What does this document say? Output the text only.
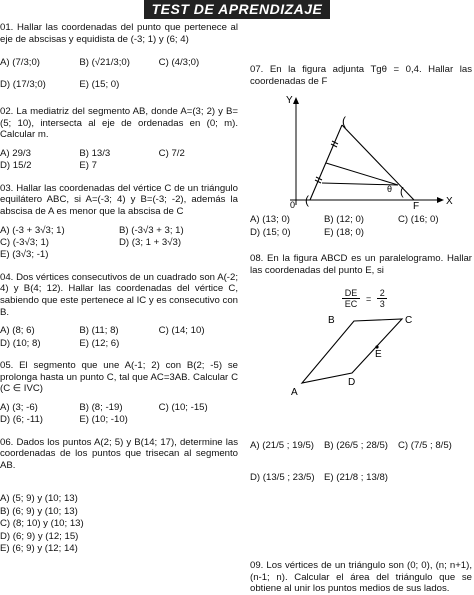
TEST DE APRENDIZAJE

01. Hallar las coordenadas del punto que pertenece al eje de abscisas y equidista de (-3; 1) y (6; 4)

A) (7/3;0)	B) (√21/3;0)	C) (4/3;0)
D) (17/3;0)	E) (15; 0)

02. La mediatriz del segmento AB, donde A=(3; 2) y B=(5; 10), intersecta al eje de ordenadas en (0; m). Calcular m.

A) 29/3	B) 13/3	C) 7/2
D) 15/2	E) 7

03. Hallar las coordenadas del vértice C de un triángulo equilátero ABC, si A=(-3; 4) y B=(-3; -2), además la abscisa de A es menor que la abscisa de C

A) (-3 + 3√3; 1)	B) (-3√3 + 3; 1)
C) (-3√3; 1)	D) (3; 1 + 3√3)
E) (3√3; -1)

04. Dos vértices consecutivos de un cuadrado son A(-2; 4) y B(4; 12). Hallar las coordenadas del vértice C, sabiendo que este pertenece al IC y es consecutivo con B.

A) (8; 6)	B) (11; 8)	C) (14; 10)
D) (10; 8)	E) (12; 6)

05. El segmento que une A(-1; 2) con B(2; -5) se prolonga hasta un punto C, tal que AC=3AB. Calcular C (C ∈ IVC)

A) (3; -6)	B) (8; -19)	C) (10; -15)
D) (6; -11)	E) (10; -10)

06. Dados los puntos A(2; 5) y B(14; 17), determine las coordenadas de los puntos que trisecan al segmento AB.

A) (5; 9) y (10; 13)
B) (6; 9) y (10; 13)
C) (8; 10) y (10; 13)
D) (6; 9) y (12; 15)
E) (6; 9) y (12; 14)

07. En la figura adjunta Tgθ = 0,4. Hallar las coordenadas de F

Y
X
0	F
θ (
(
(
A) (13; 0)	B) (12; 0)	C) (16; 0)
D) (15; 0)	E) (18; 0)

08. En la figura ABCD es un paralelogramo. Hallar las coordenadas del punto E, si

DE
EC
=
2
3
B	C
E
D
A
A) (21/5 ; 19/5)	B) (26/5 ; 28/5)	C) (7/5 ; 8/5)
D) (13/5 ; 23/5) E) (21/8 ; 13/8)

09. Los vértices de un triángulo son (0; 0), (n; n+1), (n-1; n). Calcular el área del triángulo que se obtiene al unir los puntos medios de sus lados.
